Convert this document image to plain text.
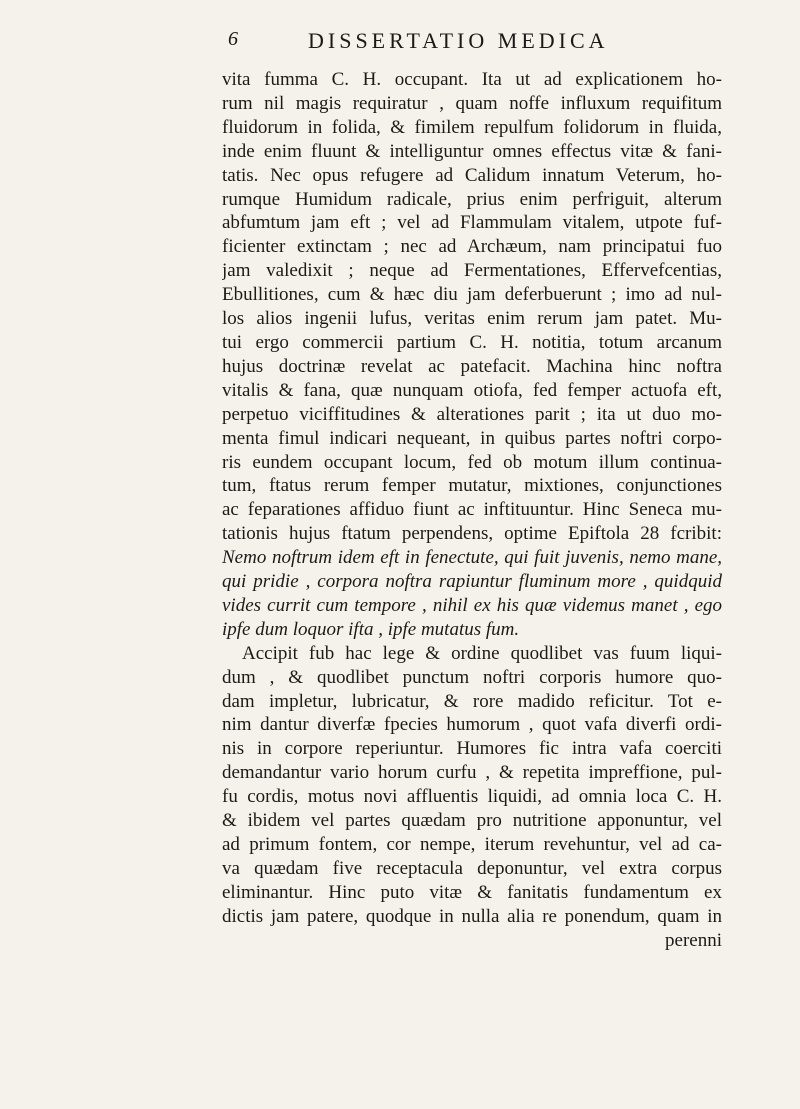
6	DISSERTATIO MEDICA
vita fumma C. H. occupant. Ita ut ad explicationem ho-
rum nil magis requiratur , quam noffe influxum requifitum
fluidorum in folida, & fimilem repulfum folidorum in fluida,
inde enim fluunt & intelliguntur omnes effectus vitæ & fani-
tatis. Nec opus refugere ad Calidum innatum Veterum, ho-
rumque Humidum radicale, prius enim perfriguit, alterum
abfumtum jam eft ; vel ad Flammulam vitalem, utpote fuf-
ficienter extinctam ; nec ad Archæum, nam principatui fuo
jam valedixit ; neque ad Fermentationes, Effervefcentias,
Ebullitiones, cum & hæc diu jam deferbuerunt ; imo ad nul-
los alios ingenii lufus, veritas enim rerum jam patet. Mu-
tui ergo commercii partium C. H. notitia, totum arcanum
hujus doctrinæ revelat ac patefacit. Machina hinc noftra
vitalis & fana, quæ nunquam otiofa, fed femper actuofa eft,
perpetuo viciffitudines & alterationes parit ; ita ut duo mo-
menta fimul indicari nequeant, in quibus partes noftri corpo-
ris eundem occupant locum, fed ob motum illum continua-
tum, ftatus rerum femper mutatur, mixtiones, conjunctiones
ac feparationes affiduo fiunt ac inftituuntur. Hinc Seneca mu-
tationis hujus ftatum perpendens, optime Epiftola 28 fcribit:
Nemo noftrum idem eft in fenectute, qui fuit juvenis, nemo mane,
qui pridie , corpora noftra rapiuntur fluminum more , quidquid
vides currit cum tempore , nihil ex his quæ videmus manet , ego
ipfe dum loquor ifta , ipfe mutatus fum.
Accipit fub hac lege & ordine quodlibet vas fuum liqui-
dum , & quodlibet punctum noftri corporis humore quo-
dam impletur, lubricatur, & rore madido reficitur. Tot e-
nim dantur diverfæ fpecies humorum , quot vafa diverfi ordi-
nis in corpore reperiuntur. Humores fic intra vafa coerciti
demandantur vario horum curfu , & repetita impreffione, pul-
fu cordis, motus novi affluentis liquidi, ad omnia loca C. H.
& ibidem vel partes quædam pro nutritione apponuntur, vel
ad primum fontem, cor nempe, iterum revehuntur, vel ad ca-
va quædam five receptacula deponuntur, vel extra corpus
eliminantur. Hinc puto vitæ & fanitatis fundamentum ex
dictis jam patere, quodque in nulla alia re ponendum, quam in
perenni
